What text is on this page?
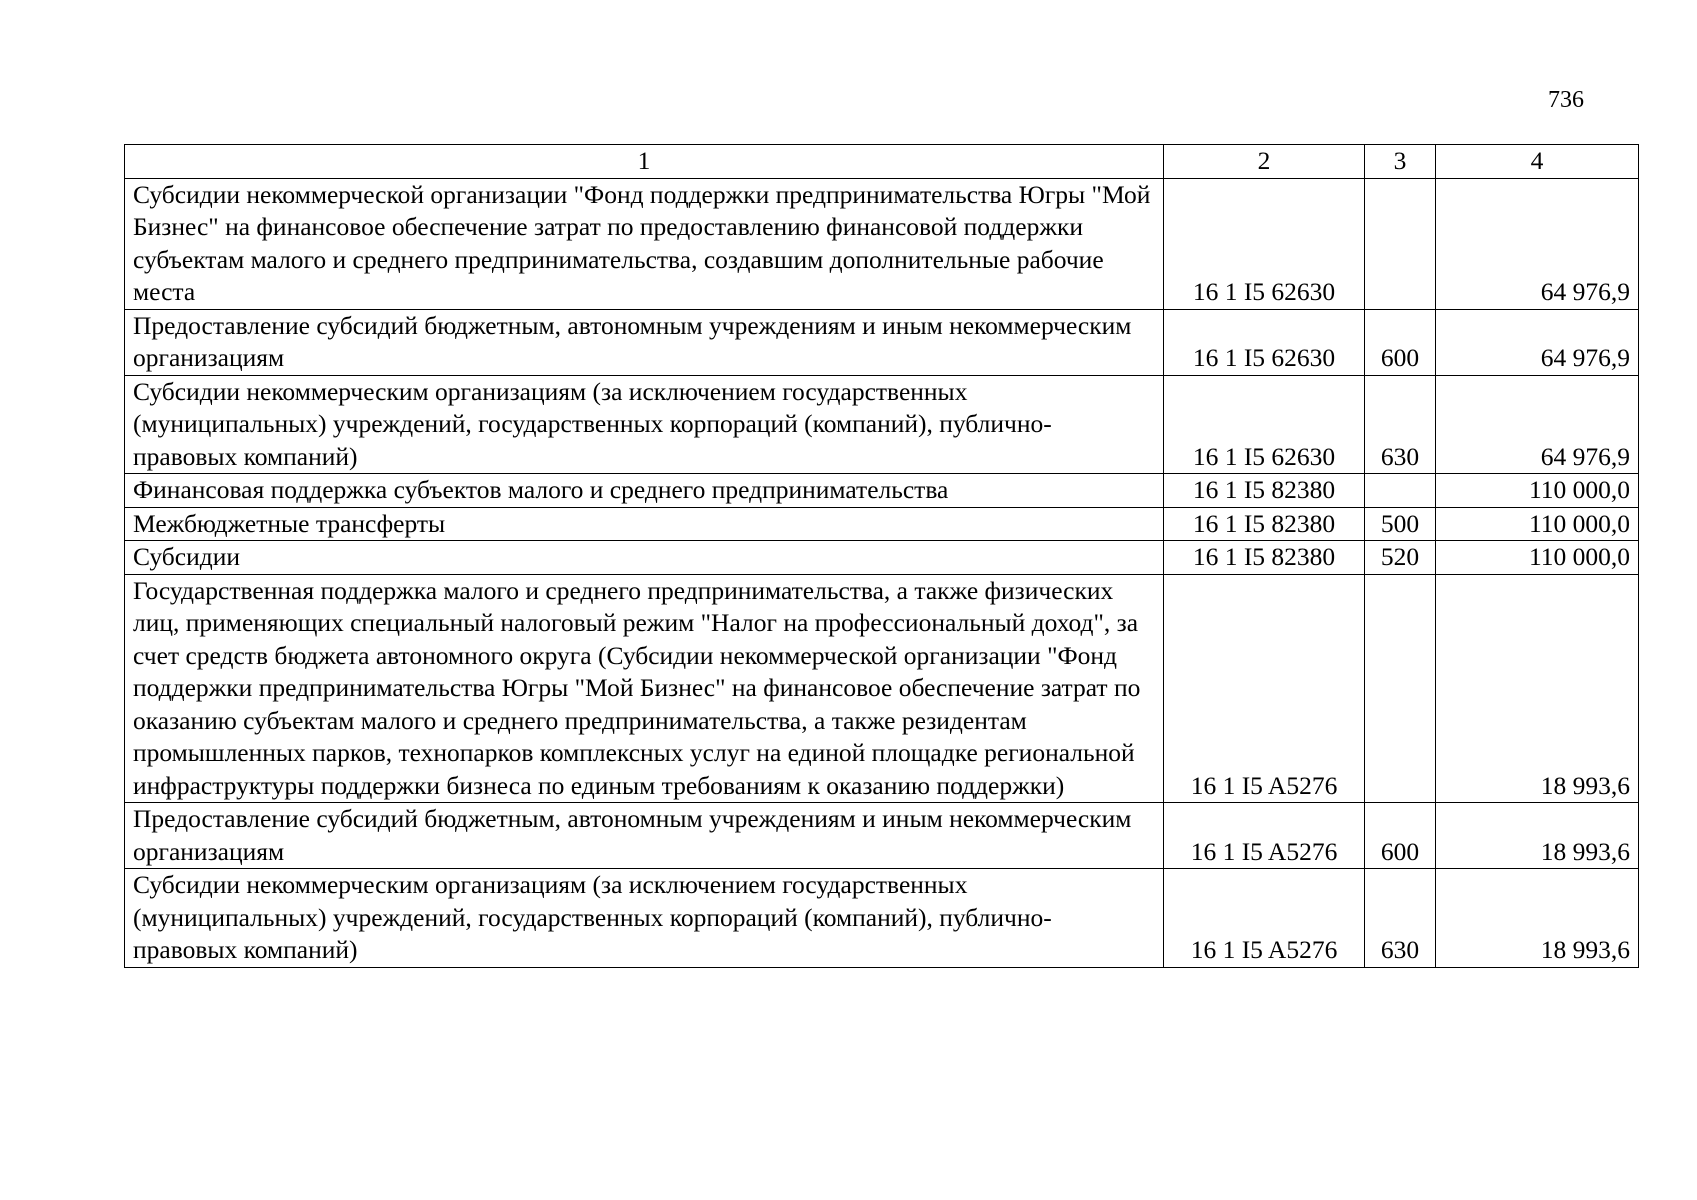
736
1	2	3	4
Субсидии некоммерческой организации "Фонд поддержки предпринимательства Югры "Мой Бизнес" на финансовое обеспечение затрат по предоставлению финансовой поддержки субъектам малого и среднего предпринимательства, создавшим дополнительные рабочие места	16 1 I5 62630		64 976,9
Предоставление субсидий бюджетным, автономным учреждениям и иным некоммерческим организациям	16 1 I5 62630	600	64 976,9
Субсидии некоммерческим организациям (за исключением государственных (муниципальных) учреждений, государственных корпораций (компаний), публично-правовых компаний)	16 1 I5 62630	630	64 976,9
Финансовая поддержка субъектов малого и среднего предпринимательства	16 1 I5 82380		110 000,0
Межбюджетные трансферты	16 1 I5 82380	500	110 000,0
Субсидии	16 1 I5 82380	520	110 000,0
Государственная поддержка малого и среднего предпринимательства, а также физических лиц, применяющих специальный налоговый режим "Налог на профессиональный доход", за счет средств бюджета автономного округа (Субсидии некоммерческой организации "Фонд поддержки предпринимательства Югры "Мой Бизнес" на финансовое обеспечение затрат по оказанию субъектам малого и среднего предпринимательства, а также резидентам промышленных парков, технопарков комплексных услуг на единой площадке региональной инфраструктуры поддержки бизнеса по единым требованиям к оказанию поддержки)	16 1 I5 A5276		18 993,6
Предоставление субсидий бюджетным, автономным учреждениям и иным некоммерческим организациям	16 1 I5 A5276	600	18 993,6
Субсидии некоммерческим организациям (за исключением государственных (муниципальных) учреждений, государственных корпораций (компаний), публично-правовых компаний)	16 1 I5 A5276	630	18 993,6
